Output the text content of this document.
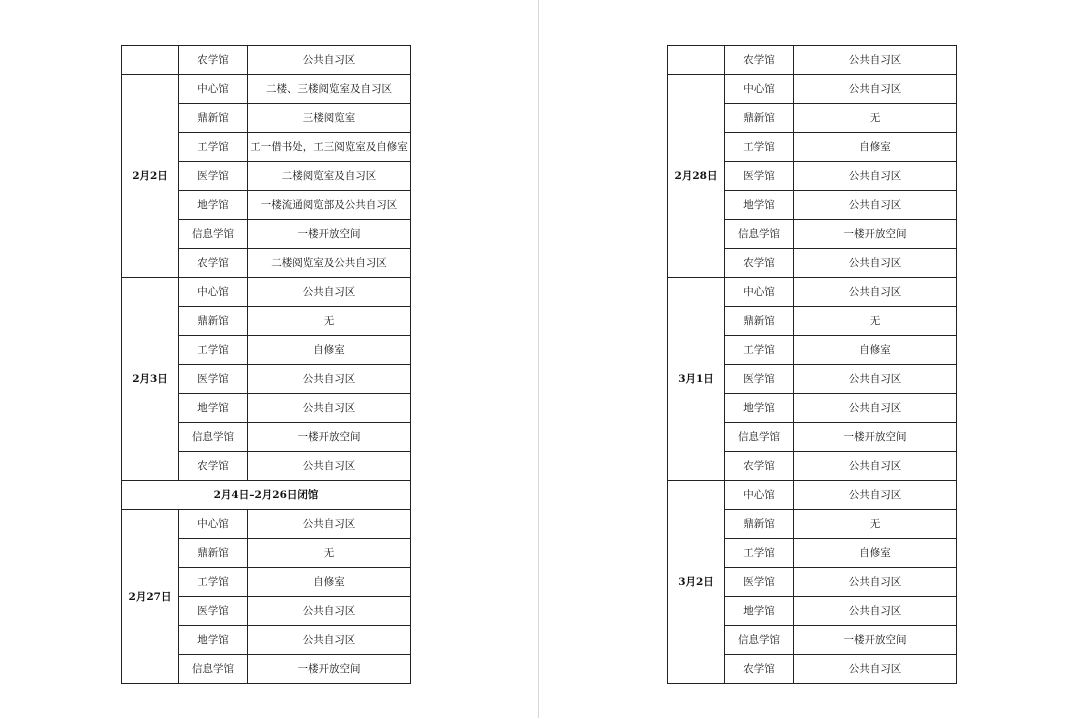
	农学馆	公共自习区
2月2日	中心馆	二楼、三楼阅览室及自习区
	鼎新馆	三楼阅览室
	工学馆	工一借书处，工三阅览室及自修室
	医学馆	二楼阅览室及自习区
	地学馆	一楼流通阅览部及公共自习区
	信息学馆	一楼开放空间
	农学馆	二楼阅览室及公共自习区
2月3日	中心馆	公共自习区
	鼎新馆	无
	工学馆	自修室
	医学馆	公共自习区
	地学馆	公共自习区
	信息学馆	一楼开放空间
	农学馆	公共自习区
2月4日–2月26日闭馆		
2月27日	中心馆	公共自习区
	鼎新馆	无
	工学馆	自修室
	医学馆	公共自习区
	地学馆	公共自习区
	信息学馆	一楼开放空间
	农学馆	公共自习区
2月28日	中心馆	公共自习区
	鼎新馆	无
	工学馆	自修室
	医学馆	公共自习区
	地学馆	公共自习区
	信息学馆	一楼开放空间
	农学馆	公共自习区
3月1日	中心馆	公共自习区
	鼎新馆	无
	工学馆	自修室
	医学馆	公共自习区
	地学馆	公共自习区
	信息学馆	一楼开放空间
	农学馆	公共自习区
3月2日	中心馆	公共自习区
	鼎新馆	无
	工学馆	自修室
	医学馆	公共自习区
	地学馆	公共自习区
	信息学馆	一楼开放空间
	农学馆	公共自习区
